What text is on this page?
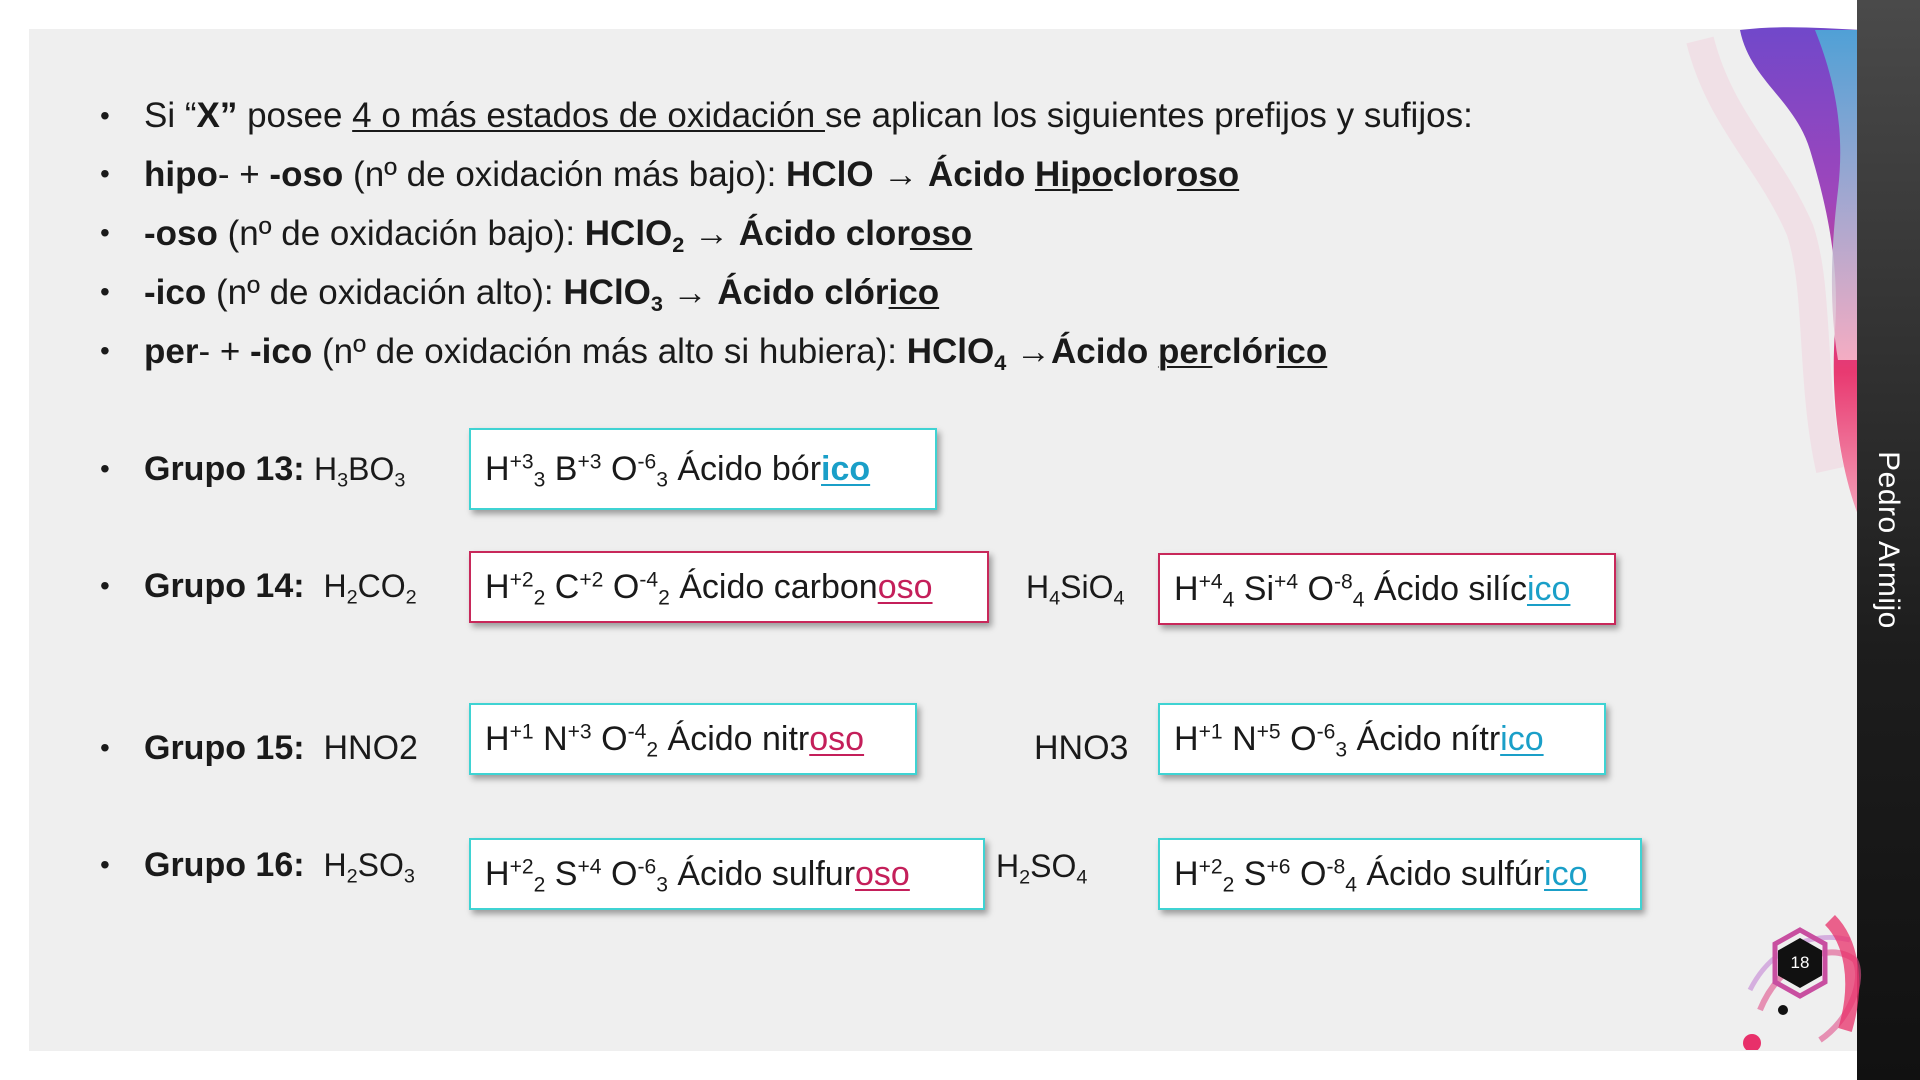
Pedro Armijo
18
• Si “X” posee 4 o más estados de oxidación se aplican los siguientes prefijos y sufijos:
• hipo- + -oso (nº de oxidación más bajo): HClO → Ácido Hipocloroso
• -oso (nº de oxidación bajo): HClO$_2$ → Ácido cloroso
• -ico (nº de oxidación alto): HClO$_3$ → Ácido clórico
• per- + -ico (nº de oxidación más alto si hubiera): HClO$_4$ →Ácido perclórico
• Grupo 13: $H_3BO_3$ $H^{+3}_3$ $B^{+3}$ $O^{-6}_3$ Ácido bórico
• Grupo 14: $H_2CO_2$ $H^{+2}_2$ $C^{+2}$ $O^{-4}_2$ Ácido carbonoso	$H_4SiO_4$ $H^{+4}_4$ $Si^{+4}$ $O^{-8}_4$ Ácido silícico
• Grupo 15: HNO2 $H^{+1}$ $N^{+3}$ $O^{-4}_2$ Ácido nitroso	HNO3 $H^{+1}$ $N^{+5}$ $O^{-6}_3$ Ácido nítrico
• Grupo 16: $H_2SO_3$ $H^{+2}_2$ $S^{+4}$ $O^{-6}_3$ Ácido sulfuroso	$H_2SO_4$	$H^{+2}_2$ $S^{+6}$ $O^{-8}_4$ Ácido sulfúrico
